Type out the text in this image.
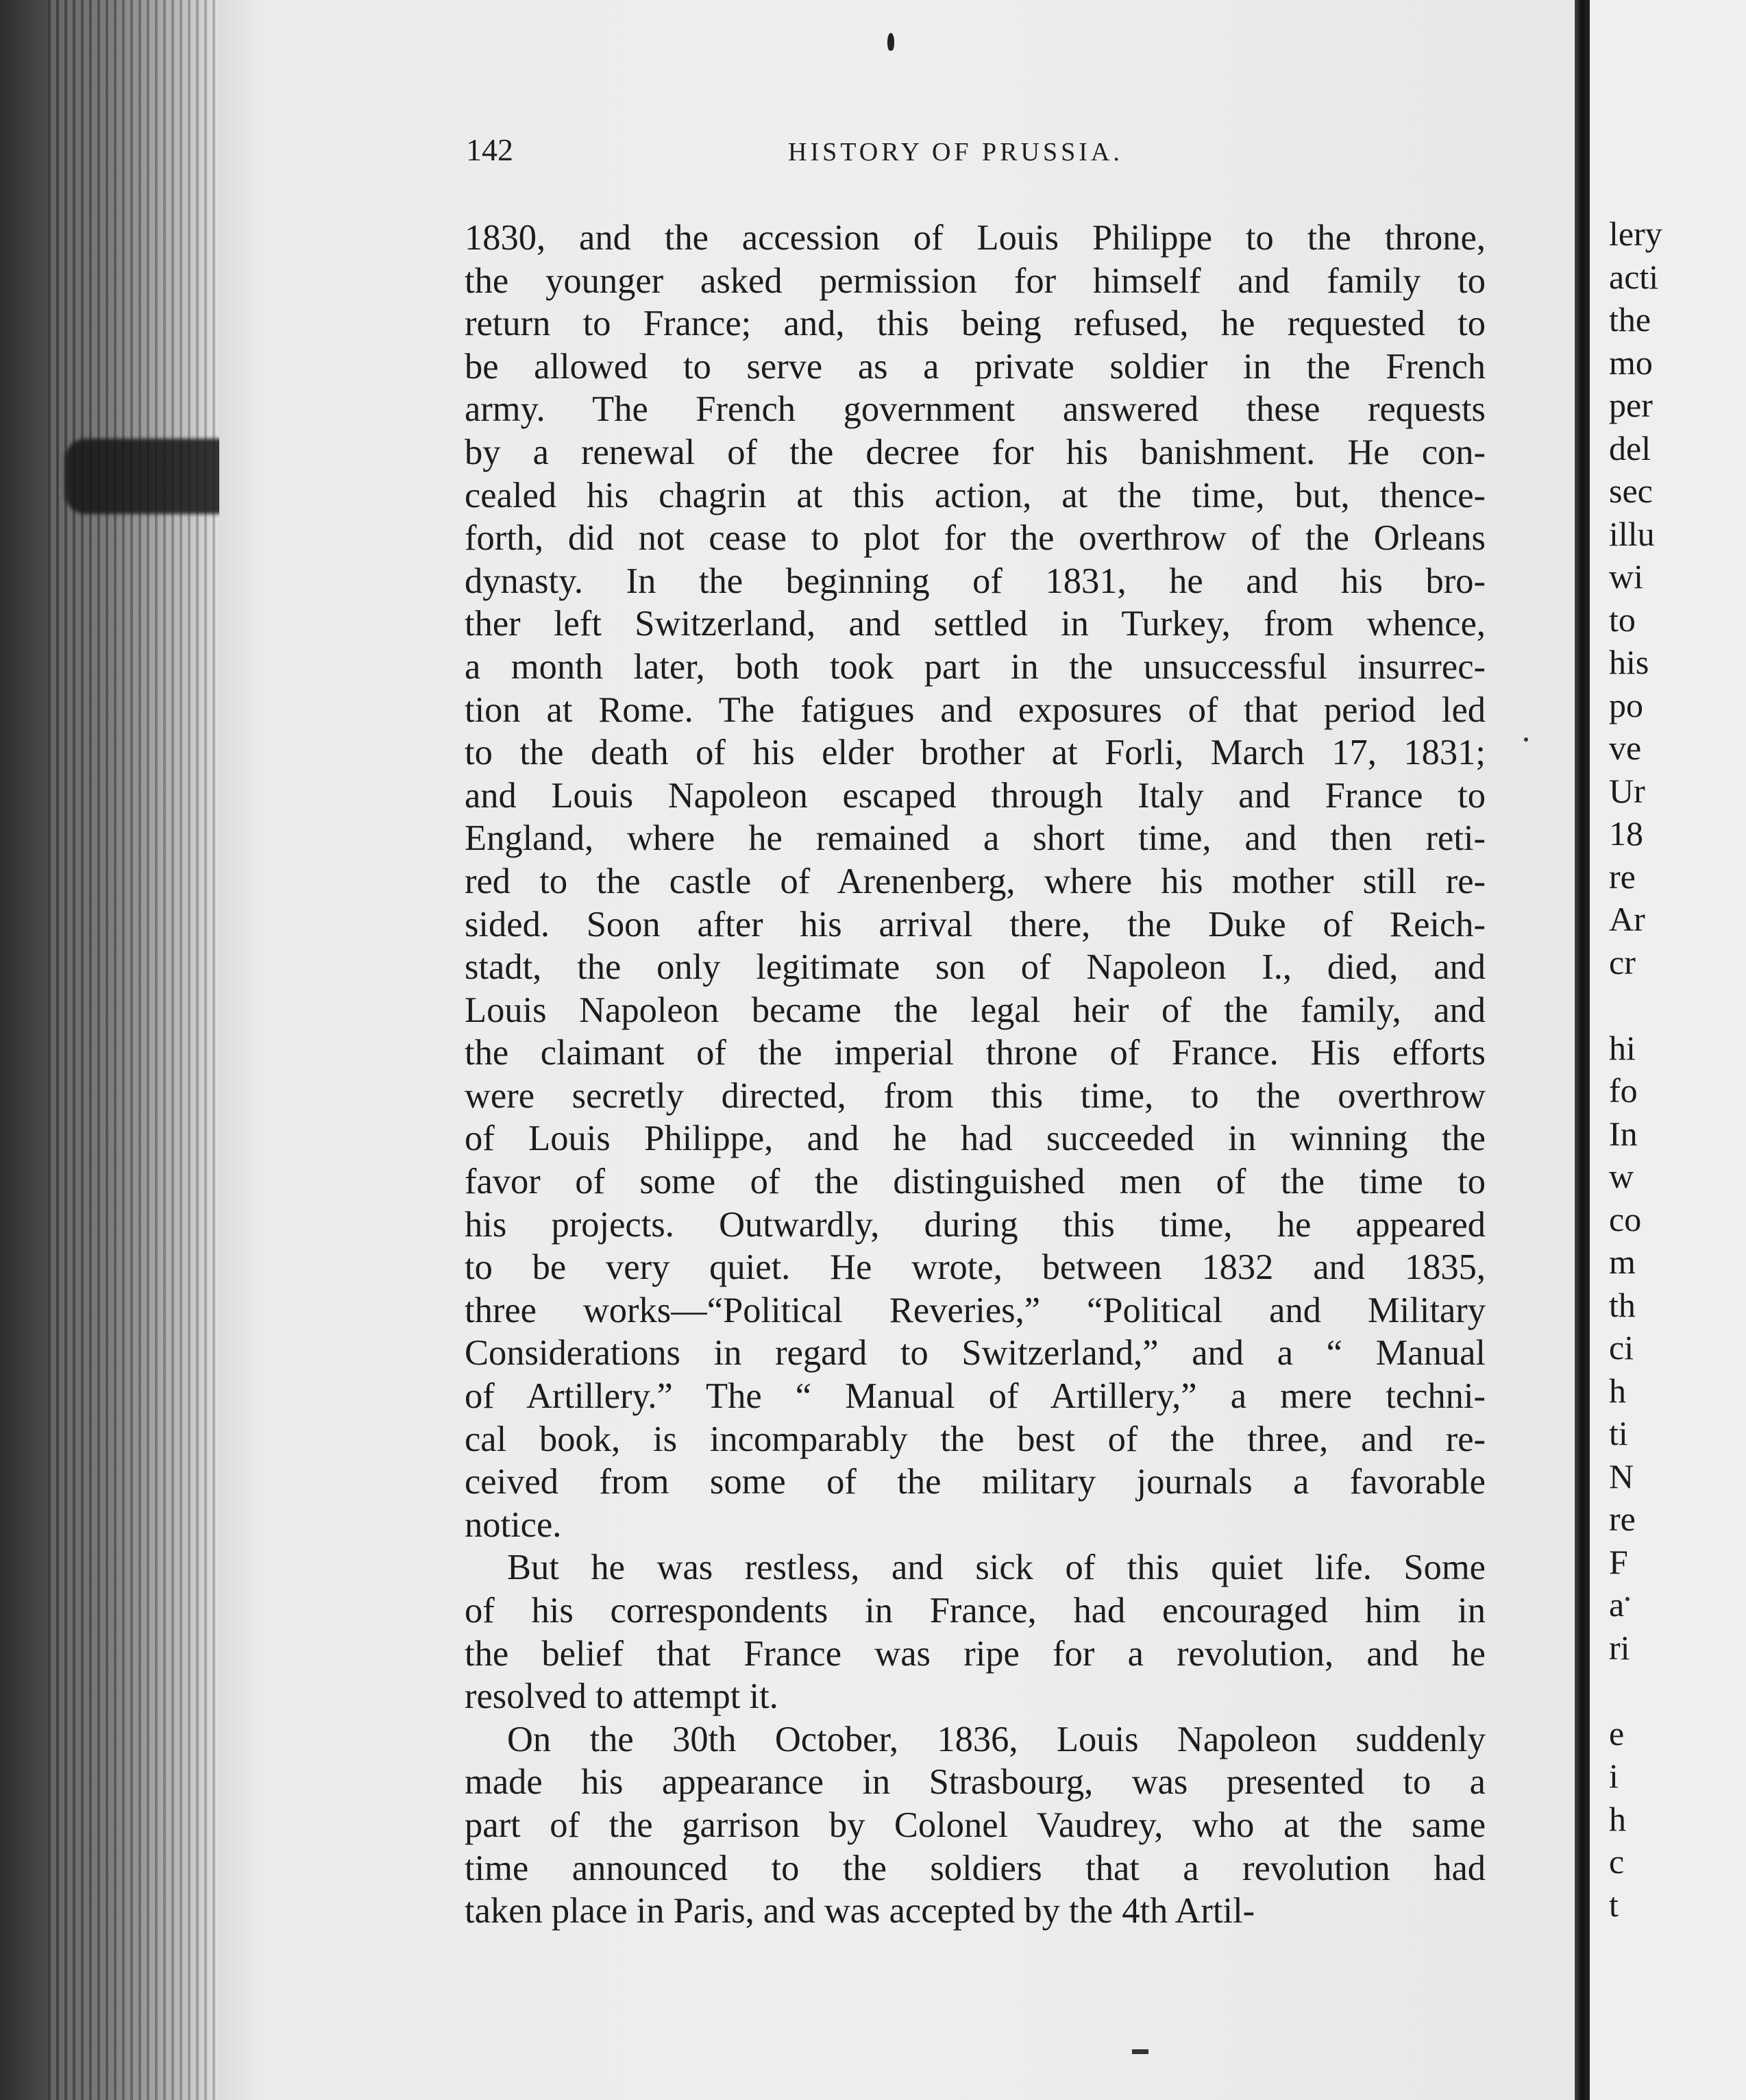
142	HISTORY OF PRUSSIA.
1830, and the accession of Louis Philippe to the throne,
the younger asked permission for himself and family to
return to France; and, this being refused, he requested to
be allowed to serve as a private soldier in the French
army. The French government answered these requests
by a renewal of the decree for his banishment. He con-
cealed his chagrin at this action, at the time, but, thence-
forth, did not cease to plot for the overthrow of the Orleans
dynasty. In the beginning of 1831, he and his bro-
ther left Switzerland, and settled in Turkey, from whence,
a month later, both took part in the unsuccessful insurrec-
tion at Rome. The fatigues and exposures of that period led
to the death of his elder brother at Forli, March 17, 1831;
and Louis Napoleon escaped through Italy and France to
England, where he remained a short time, and then reti-
red to the castle of Arenenberg, where his mother still re-
sided. Soon after his arrival there, the Duke of Reich-
stadt, the only legitimate son of Napoleon I., died, and
Louis Napoleon became the legal heir of the family, and
the claimant of the imperial throne of France. His efforts
were secretly directed, from this time, to the overthrow
of Louis Philippe, and he had succeeded in winning the
favor of some of the distinguished men of the time to
his projects. Outwardly, during this time, he appeared
to be very quiet. He wrote, between 1832 and 1835,
three works—“Political Reveries,” “Political and Military
Considerations in regard to Switzerland,” and a “ Manual
of Artillery.” The “ Manual of Artillery,” a mere techni-
cal book, is incomparably the best of the three, and re-
ceived from some of the military journals a favorable
notice.
But he was restless, and sick of this quiet life. Some
of his correspondents in France, had encouraged him in
the belief that France was ripe for a revolution, and he
resolved to attempt it.
On the 30th October, 1836, Louis Napoleon suddenly
made his appearance in Strasbourg, was presented to a
part of the garrison by Colonel Vaudrey, who at the same
time announced to the soldiers that a revolution had
taken place in Paris, and was accepted by the 4th Artil-
lery
acti
the
mo
per
del
sec
illu
wi
to
his
po
ve
Ur
18
re
Ar
cr
hi
fo
In
w
co
m
th
ci
h
ti
N
re
F
a
ri
e
i
h
c
t
